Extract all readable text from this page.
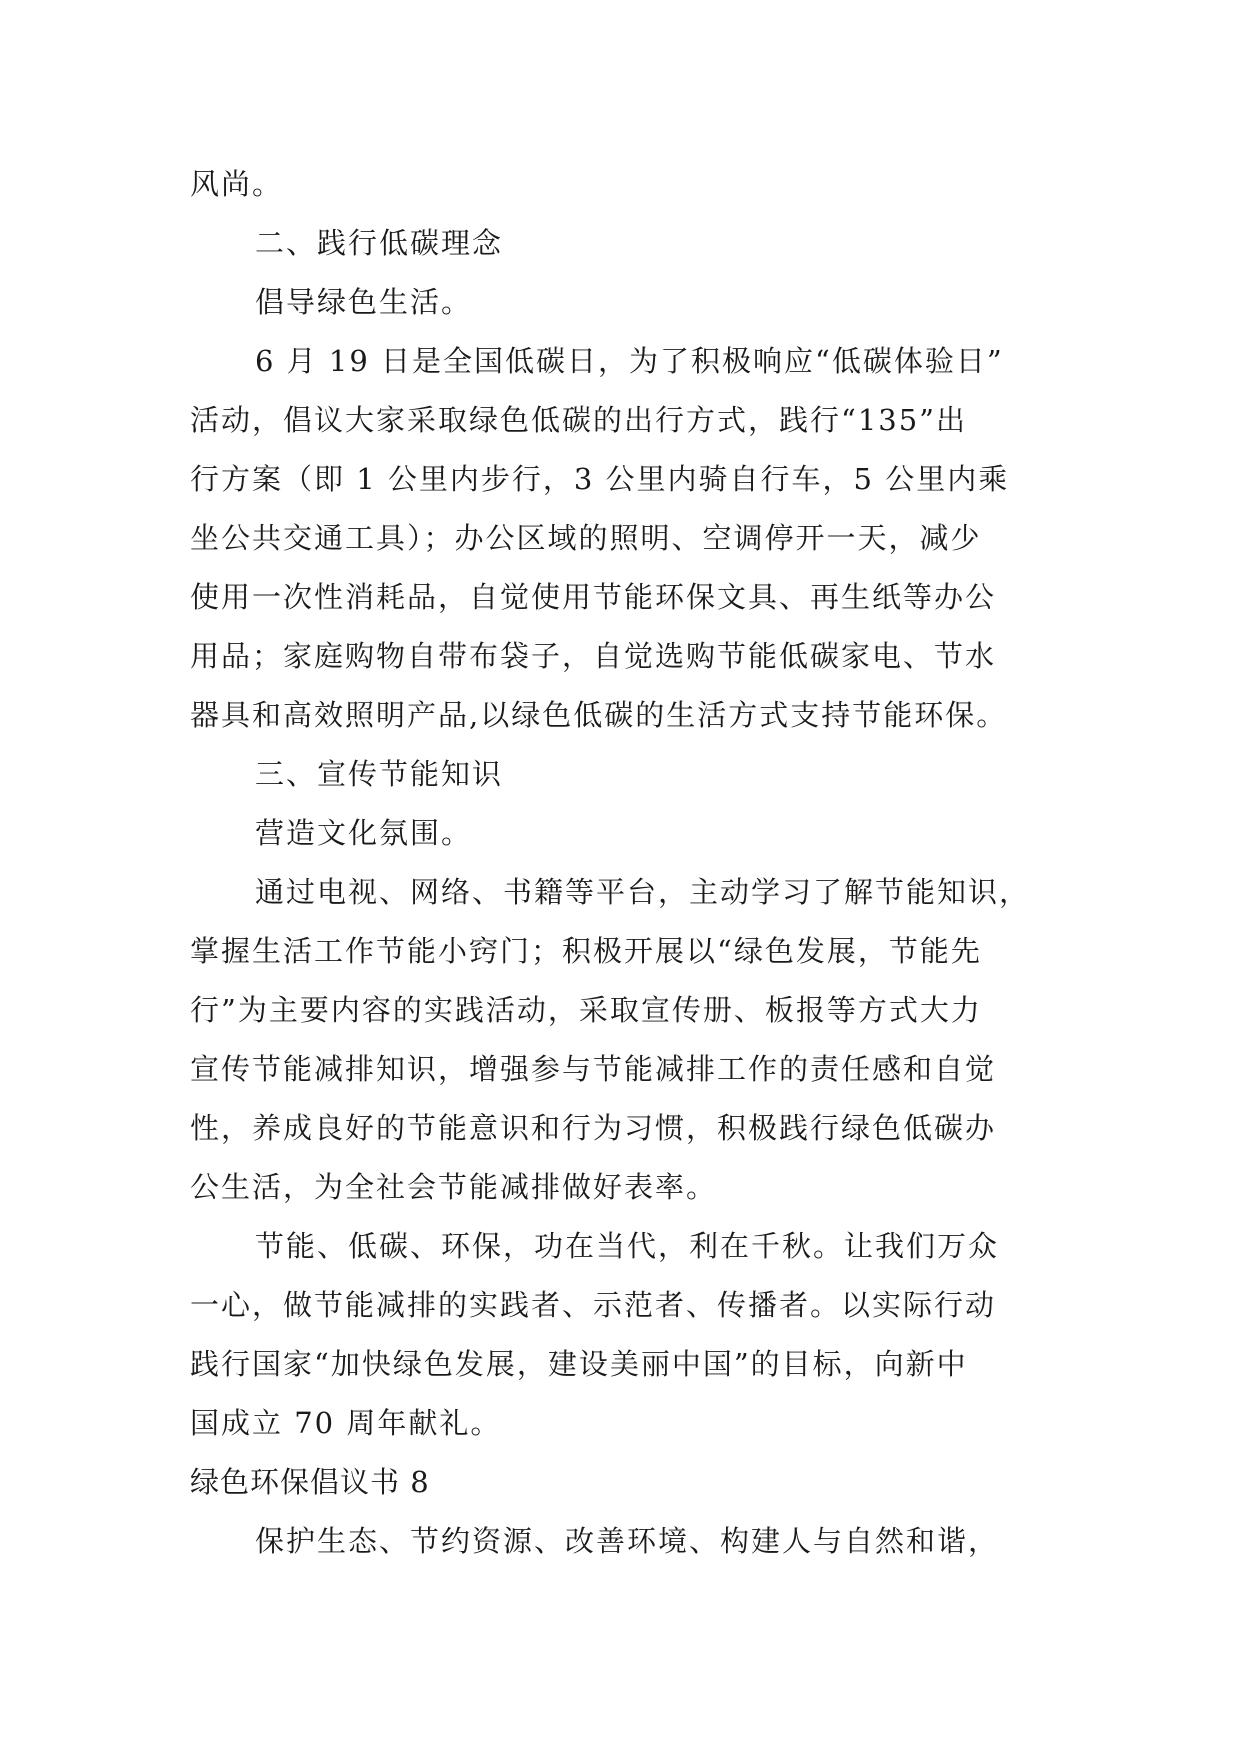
风尚。
二、践行低碳理念
倡导绿色生活。
6 月 19 日是全国低碳日，为了积极响应“低碳体验日”
活动，倡议大家采取绿色低碳的出行方式，践行“135”出
行方案（即 1 公里内步行，3 公里内骑自行车，5 公里内乘
坐公共交通工具）；办公区域的照明、空调停开一天，减少
使用一次性消耗品，自觉使用节能环保文具、再生纸等办公
用品；家庭购物自带布袋子，自觉选购节能低碳家电、节水
器具和高效照明产品,以绿色低碳的生活方式支持节能环保。
三、宣传节能知识
营造文化氛围。
通过电视、网络、书籍等平台，主动学习了解节能知识，
掌握生活工作节能小窍门；积极开展以“绿色发展，节能先
行”为主要内容的实践活动，采取宣传册、板报等方式大力
宣传节能减排知识，增强参与节能减排工作的责任感和自觉
性，养成良好的节能意识和行为习惯，积极践行绿色低碳办
公生活，为全社会节能减排做好表率。
节能、低碳、环保，功在当代，利在千秋。让我们万众
一心，做节能减排的实践者、示范者、传播者。以实际行动
践行国家“加快绿色发展，建设美丽中国”的目标，向新中
国成立 70 周年献礼。
绿色环保倡议书 8
保护生态、节约资源、改善环境、构建人与自然和谐，
